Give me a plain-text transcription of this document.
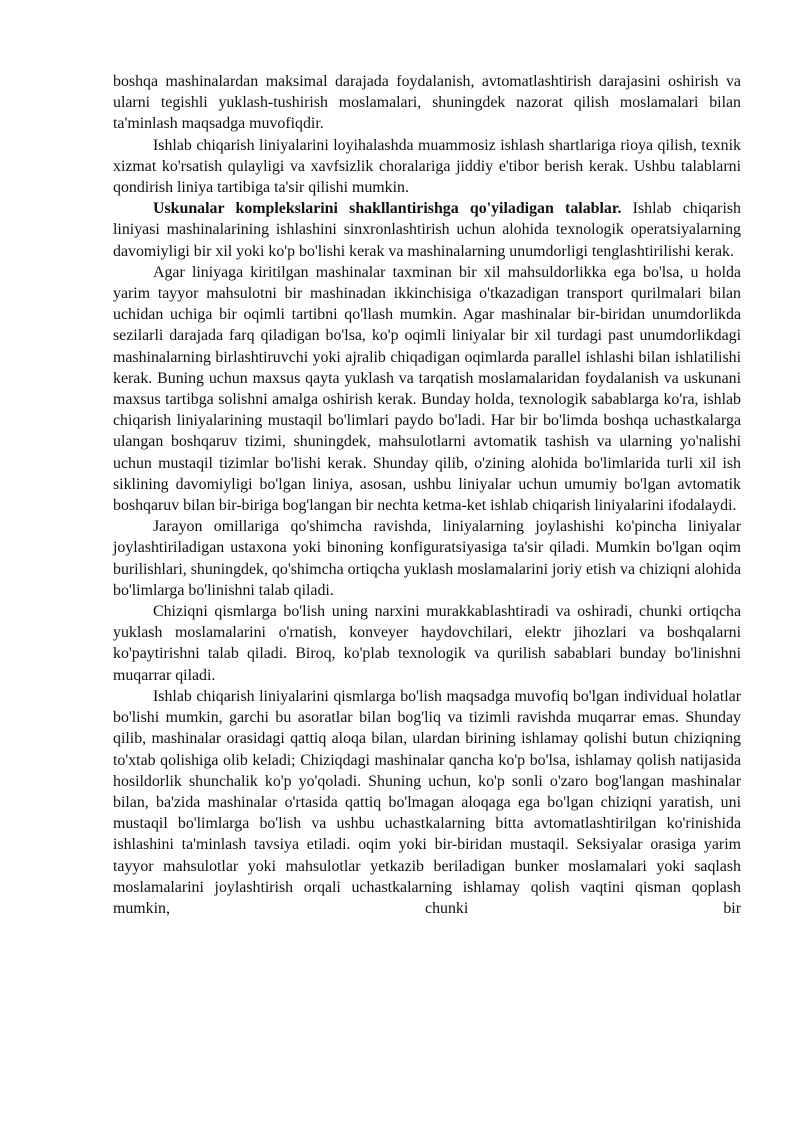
boshqa mashinalardan maksimal darajada foydalanish, avtomatlashtirish darajasini oshirish va ularni tegishli yuklash-tushirish moslamalari, shuningdek nazorat qilish moslamalari bilan ta'minlash maqsadga muvofiqdir.

Ishlab chiqarish liniyalarini loyihalashda muammosiz ishlash shartlariga rioya qilish, texnik xizmat ko'rsatish qulayligi va xavfsizlik choralariga jiddiy e'tibor berish kerak. Ushbu talablarni qondirish liniya tartibiga ta'sir qilishi mumkin.

Uskunalar komplekslarini shakllantirishga qo'yiladigan talablar. Ishlab chiqarish liniyasi mashinalarining ishlashini sinxronlashtirish uchun alohida texnologik operatsiyalarning davomiyligi bir xil yoki ko'p bo'lishi kerak va mashinalarning unumdorligi tenglashtirilishi kerak.

Agar liniyaga kiritilgan mashinalar taxminan bir xil mahsuldorlikka ega bo'lsa, u holda yarim tayyor mahsulotni bir mashinadan ikkinchisiga o'tkazadigan transport qurilmalari bilan uchidan uchiga bir oqimli tartibni qo'llash mumkin. Agar mashinalar bir-biridan unumdorlikda sezilarli darajada farq qiladigan bo'lsa, ko'p oqimli liniyalar bir xil turdagi past unumdorlikdagi mashinalarning birlashtiruvchi yoki ajralib chiqadigan oqimlarda parallel ishlashi bilan ishlatilishi kerak. Buning uchun maxsus qayta yuklash va tarqatish moslamalaridan foydalanish va uskunani maxsus tartibga solishni amalga oshirish kerak. Bunday holda, texnologik sabablarga ko'ra, ishlab chiqarish liniyalarining mustaqil bo'limlari paydo bo'ladi. Har bir bo'limda boshqa uchastkalarga ulangan boshqaruv tizimi, shuningdek, mahsulotlarni avtomatik tashish va ularning yo'nalishi uchun mustaqil tizimlar bo'lishi kerak. Shunday qilib, o'zining alohida bo'limlarida turli xil ish siklining davomiyligi bo'lgan liniya, asosan, ushbu liniyalar uchun umumiy bo'lgan avtomatik boshqaruv bilan bir-biriga bog'langan bir nechta ketma-ket ishlab chiqarish liniyalarini ifodalaydi.

Jarayon omillariga qo'shimcha ravishda, liniyalarning joylashishi ko'pincha liniyalar joylashtiriladigan ustaxona yoki binoning konfiguratsiyasiga ta'sir qiladi. Mumkin bo'lgan oqim burilishlari, shuningdek, qo'shimcha ortiqcha yuklash moslamalarini joriy etish va chiziqni alohida bo'limlarga bo'linishni talab qiladi.

Chiziqni qismlarga bo'lish uning narxini murakkablashtiradi va oshiradi, chunki ortiqcha yuklash moslamalarini o'rnatish, konveyer haydovchilari, elektr jihozlari va boshqalarni ko'paytirishni talab qiladi. Biroq, ko'plab texnologik va qurilish sabablari bunday bo'linishni muqarrar qiladi.

Ishlab chiqarish liniyalarini qismlarga bo'lish maqsadga muvofiq bo'lgan individual holatlar bo'lishi mumkin, garchi bu asoratlar bilan bog'liq va tizimli ravishda muqarrar emas. Shunday qilib, mashinalar orasidagi qattiq aloqa bilan, ulardan birining ishlamay qolishi butun chiziqning to'xtab qolishiga olib keladi; Chiziqdagi mashinalar qancha ko'p bo'lsa, ishlamay qolish natijasida hosildorlik shunchalik ko'p yo'qoladi. Shuning uchun, ko'p sonli o'zaro bog'langan mashinalar bilan, ba'zida mashinalar o'rtasida qattiq bo'lmagan aloqaga ega bo'lgan chiziqni yaratish, uni mustaqil bo'limlarga bo'lish va ushbu uchastkalarning bitta avtomatlashtirilgan ko'rinishida ishlashini ta'minlash tavsiya etiladi. oqim yoki bir-biridan mustaqil. Seksiyalar orasiga yarim tayyor mahsulotlar yoki mahsulotlar yetkazib beriladigan bunker moslamalari yoki saqlash moslamalarini joylashtirish orqali uchastkalarning ishlamay qolish vaqtini qisman qoplash mumkin, chunki bir
